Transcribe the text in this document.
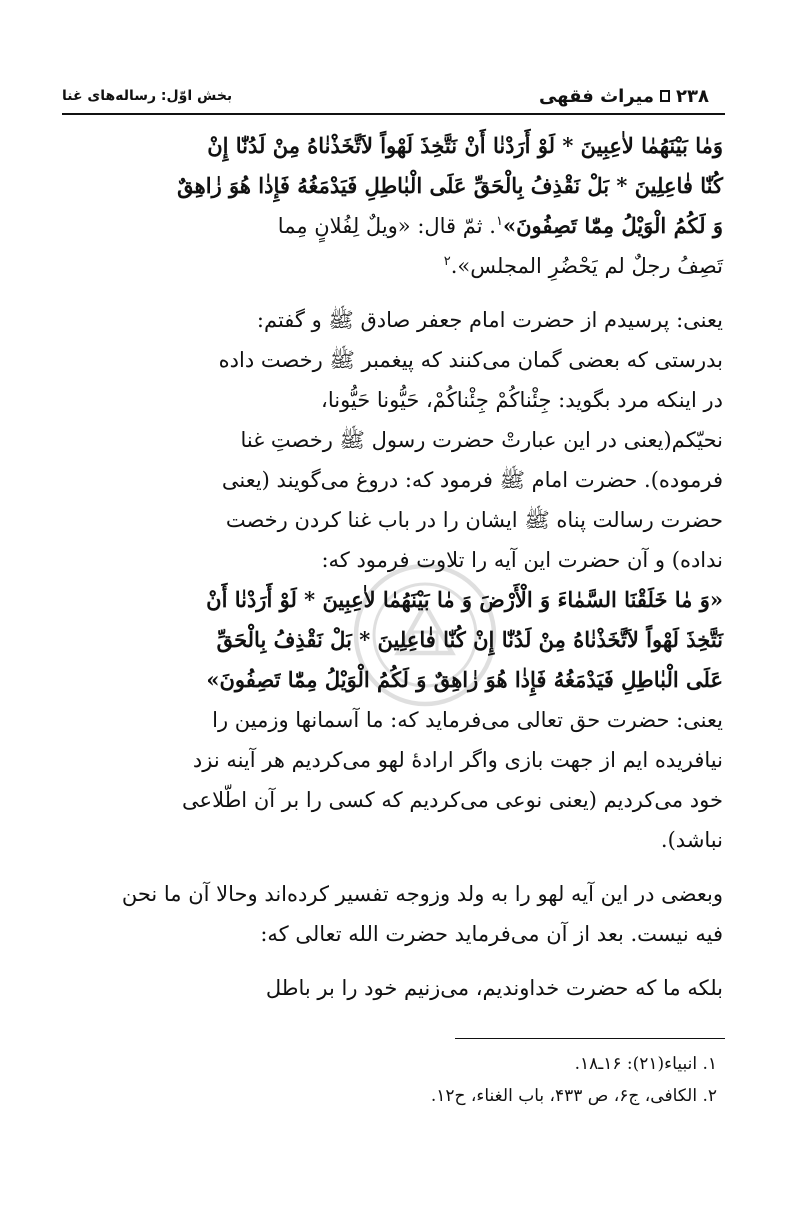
۲۳۸
میراث فقهی
بخش اوّل: رساله‌های غنا

وَمٰا بَیْنَهُمٰا لاٰعِبِینَ * لَوْ أَرَدْنٰا أَنْ نَتَّخِذَ لَهْواً لاَتَّخَذْنٰاهُ مِنْ لَدُنّٰا إِنْ

کُنّٰا فٰاعِلِینَ * بَلْ نَقْذِفُ بِالْحَقِّ عَلَی الْبٰاطِلِ فَیَدْمَغُهُ فَإِذٰا هُوَ زٰاهِقٌ

وَ لَکُمُ الْوَیْلُ مِمّٰا تَصِفُونَ»$^۱$. ثمّ قال: «ویلٌ لِفُلانٍ مِما

تَصِفُ رجلٌ لم یَحْضُرِ المجلس».$^۲$

یعنی: پرسیدم از حضرت امام جعفر صادق ﷺ و گفتم:

بدرستی که بعضی گمان می‌کنند که پیغمبر ﷺ رخصت داده

در اینکه مرد بگوید: جِئْناکُمْ جِئْناکُمْ، حَیُّونا حَیُّونا،

نحیّکم(یعنی در این عبارتْ حضرت رسول ﷺ رخصتِ غنا

فرموده). حضرت امام ﷺ فرمود که: دروغ می‌گویند (یعنی

حضرت رسالت پناه ﷺ ایشان را در باب غنا کردن رخصت

نداده) و آن حضرت این آیه را تلاوت فرمود که:

«وَ مٰا خَلَقْنَا السَّمٰاءَ وَ الْأَرْضَ وَ مٰا بَیْنَهُمٰا لاٰعِبِینَ * لَوْ أَرَدْنٰا أَنْ

نَتَّخِذَ لَهْواً لاَتَّخَذْنٰاهُ مِنْ لَدُنّٰا إِنْ کُنّٰا فٰاعِلِینَ * بَلْ نَقْذِفُ بِالْحَقِّ

عَلَی الْبٰاطِلِ فَیَدْمَغُهُ فَإِذٰا هُوَ زٰاهِقٌ وَ لَکُمُ الْوَیْلُ مِمّٰا تَصِفُونَ»

یعنی: حضرت حق تعالی می‌فرماید که: ما آسمانها وزمین را

نیافریده ایم از جهت بازی واگر ارادهٔ لهو می‌کردیم هر آینه نزد

خود می‌کردیم (یعنی نوعی می‌کردیم که کسی را بر آن اطّلاعی

نباشد).

وبعضی در این آیه لهو را به ولد وزوجه تفسیر کرده‌اند وحالا آن ما نحن

فیه نیست. بعد از آن می‌فرماید حضرت الله تعالی که:

بلکه ما که حضرت خداوندیم، می‌زنیم خود را بر باطل

۱. انبیاء(۲۱): ۱۶ـ۱۸.

۲. الکافی، ج۶، ص ۴۳۳، باب الغناء، ح۱۲.
